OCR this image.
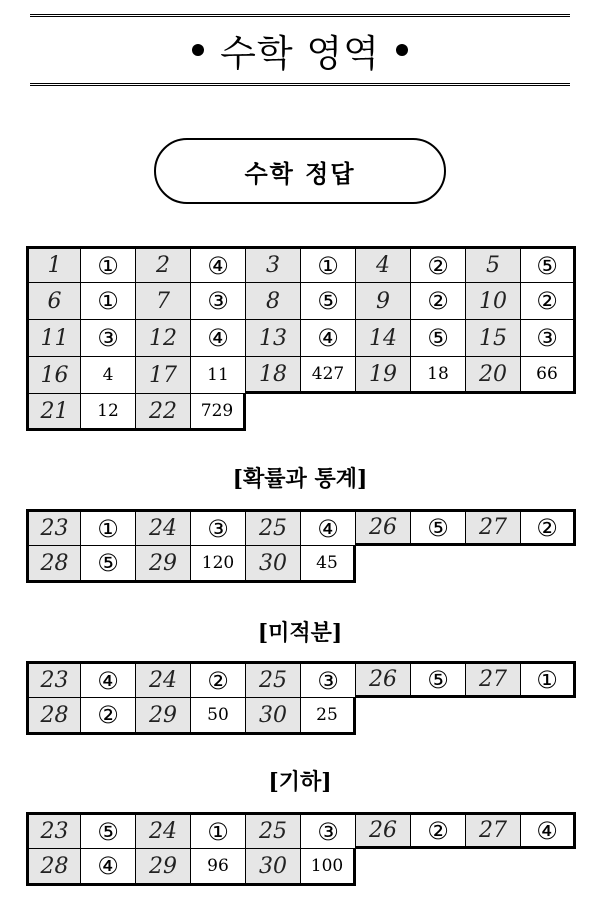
수학 영역
수학 정답
1	①	2	④	3	①	4	②	5	⑤
6	①	7	③	8	⑤	9	②	10	②
11	③	12	④	13	④	14	⑤	15	③
16	4	17	11	18	427	19	18	20	66
21	12	22	729
[확률과 통계]
23	①	24	③	25	④	26	⑤	27	②
28	⑤	29	120	30	45
[미적분]
23	④	24	②	25	③	26	⑤	27	①
28	②	29	50	30	25
[기하]
23	⑤	24	①	25	③	26	②	27	④
28	④	29	96	30	100
